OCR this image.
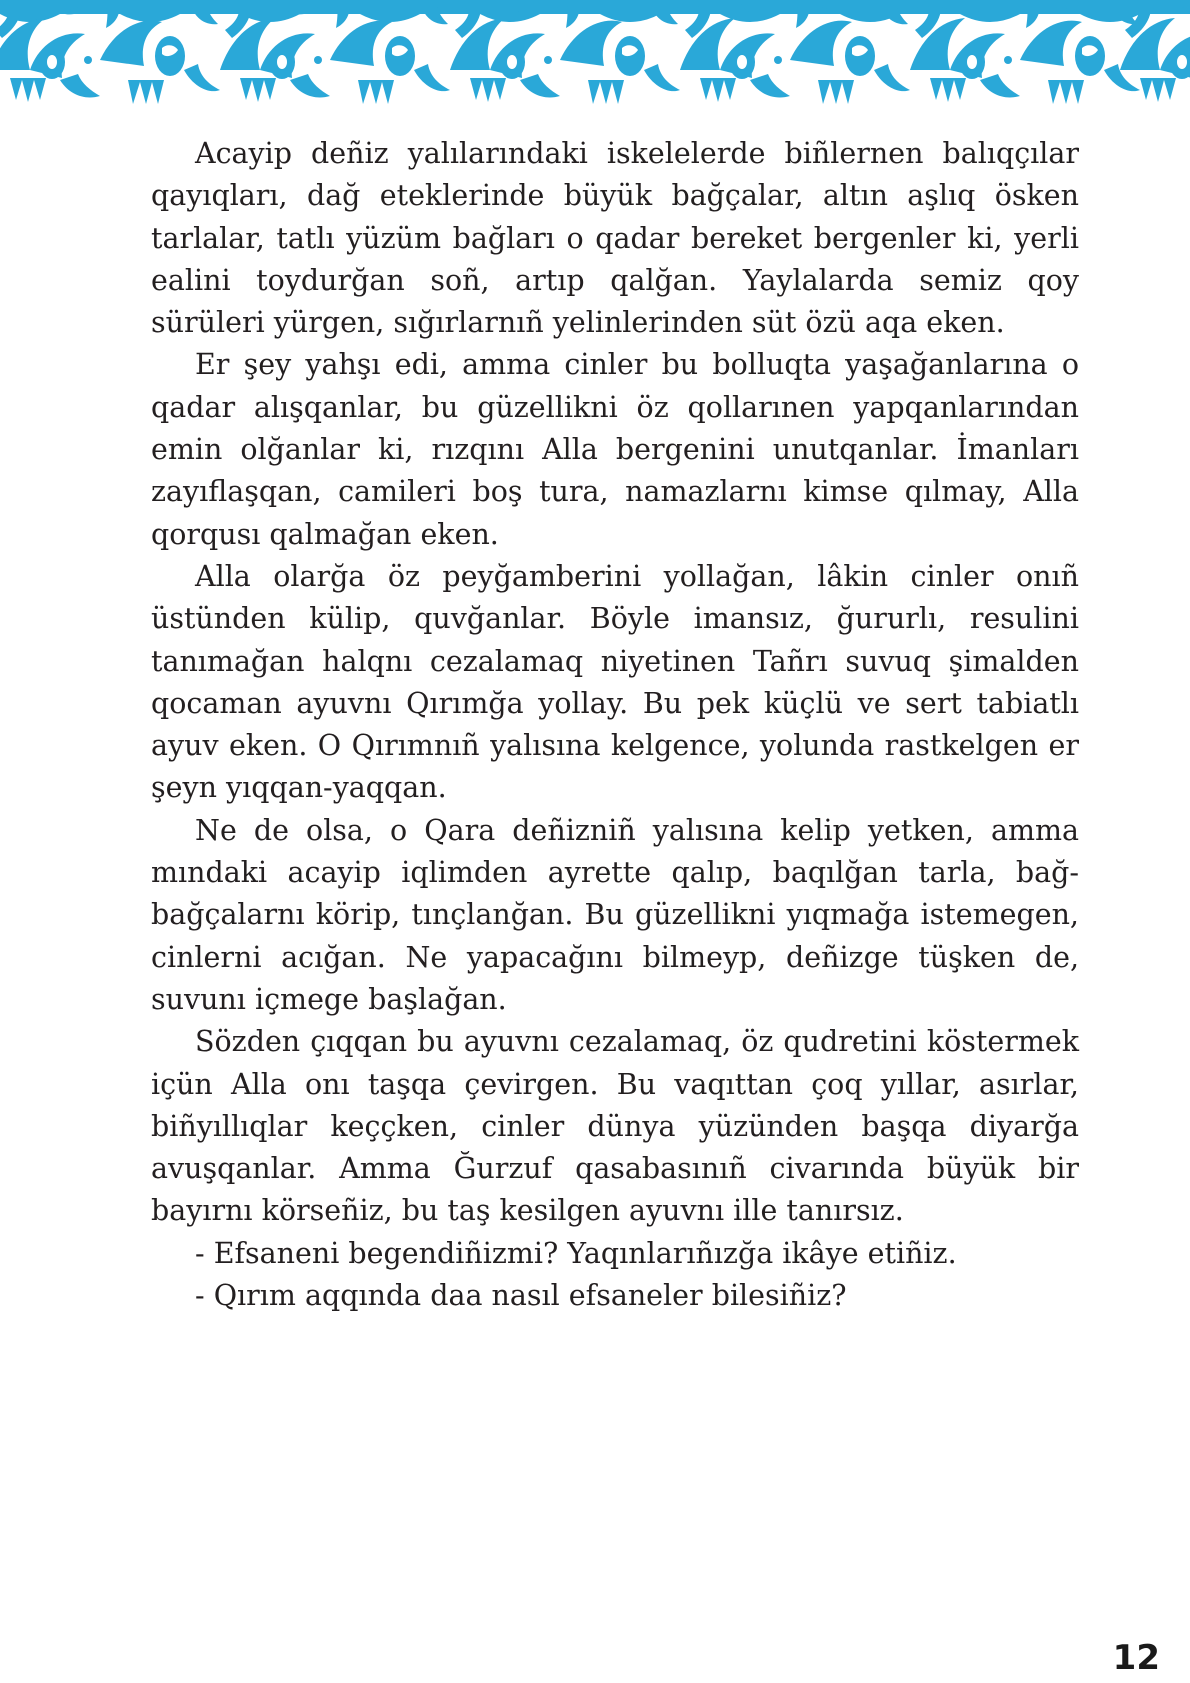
Acayip deñiz yalılarındaki iskelelerde biñlernen balıqçılar qayıqları, dağ eteklerinde büyük bağçalar, altın aşlıq ösken tarlalar, tatlı yüzüm bağları o qadar bereket bergenler ki, yerli ealini toydurğan soñ, artıp qalğan. Yaylalarda semiz qoy sürüleri yürgen, sığırlarnıñ yelinlerinden süt özü aqa eken.

Er şey yahşı edi, amma cinler bu bolluqta yaşağanlarına o qadar alışqanlar, bu güzellikni öz qollarınen yapqanlarından emin olğanlar ki, rızqını Alla bergenini unutqanlar. İmanları zayıflaşqan, camileri boş tura, namazlarnı kimse qılmay, Alla qorqusı qalmağan eken.

Alla olarğa öz peyğamberini yollağan, lâkin cinler onıñ üstünden külip, quvğanlar. Böyle imansız, ğururlı, resulini tanımağan halqnı cezalamaq niyetinen Tañrı suvuq şimalden qocaman ayuvnı Qırımğa yollay. Bu pek küçlü ve sert tabiatlı ayuv eken. O Qırımnıñ yalısına kelgence, yolunda rastkelgen er şeyn yıqqan-yaqqan.

Ne de olsa, o Qara deñizniñ yalısına kelip yetken, amma mındaki acayip iqlimden ayrette qalıp, baqılğan tarla, bağ-bağçalarnı körip, tınçlanğan. Bu güzellikni yıqmağa istemegen, cinlerni acığan. Ne yapacağını bilmeyp, deñizge tüşken de, suvunı içmege başlağan.

Sözden çıqqan bu ayuvnı cezalamaq, öz qudretini köstermek içün Alla onı taşqa çevirgen. Bu vaqıttan çoq yıllar, asırlar, biñyıllıqlar keççken, cinler dünya yüzünden başqa diyarğa avuşqanlar. Amma Ğurzuf qasabasınıñ civarında büyük bir bayırnı körseñiz, bu taş kesilgen ayuvnı ille tanırsız.

- Efsaneni begendiñizmi? Yaqınlarıñızğa ikâye etiñiz.

- Qırım aqqında daa nasıl efsaneler bilesiñiz?

12
